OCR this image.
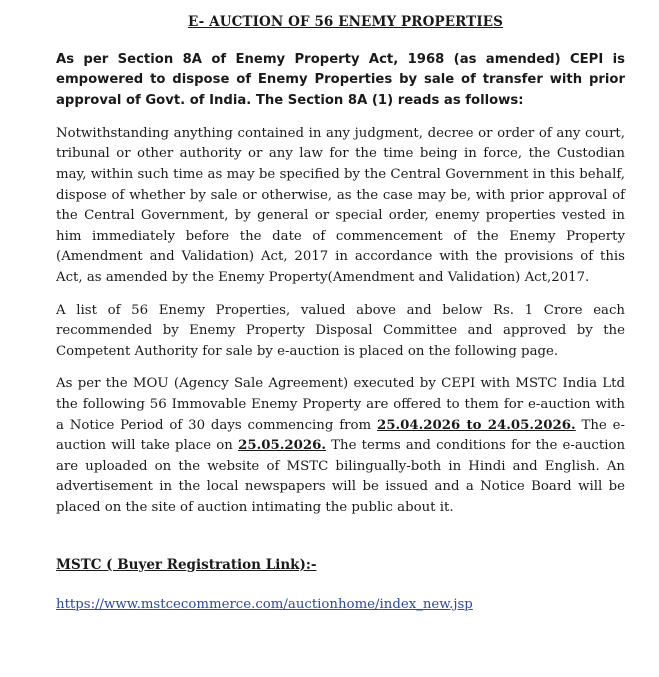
E- AUCTION OF 56 ENEMY PROPERTIES

As per Section 8A of Enemy Property Act, 1968 (as amended) CEPI is empowered to dispose of Enemy Properties by sale of transfer with prior approval of Govt. of India. The Section 8A (1) reads as follows:

Notwithstanding anything contained in any judgment, decree or order of any court, tribunal or other authority or any law for the time being in force, the Custodian may, within such time as may be specified by the Central Government in this behalf, dispose of whether by sale or otherwise, as the case may be, with prior approval of the Central Government, by general or special order, enemy properties vested in him immediately before the date of commencement of the Enemy Property (Amendment and Validation) Act, 2017 in accordance with the provisions of this Act, as amended by the Enemy Property(Amendment and Validation) Act,2017.

A list of 56 Enemy Properties, valued above and below Rs. 1 Crore each recommended by Enemy Property Disposal Committee and approved by the Competent Authority for sale by e-auction is placed on the following page.

As per the MOU (Agency Sale Agreement) executed by CEPI with MSTC India Ltd the following 56 Immovable Enemy Property are offered to them for e-auction with a Notice Period of 30 days commencing from 25.04.2026 to 24.05.2026. The e-auction will take place on 25.05.2026. The terms and conditions for the e-auction are uploaded on the website of MSTC bilingually-both in Hindi and English. An advertisement in the local newspapers will be issued and a Notice Board will be placed on the site of auction intimating the public about it.

MSTC ( Buyer Registration Link):-
https://www.mstcecommerce.com/auctionhome/index_new.jsp
